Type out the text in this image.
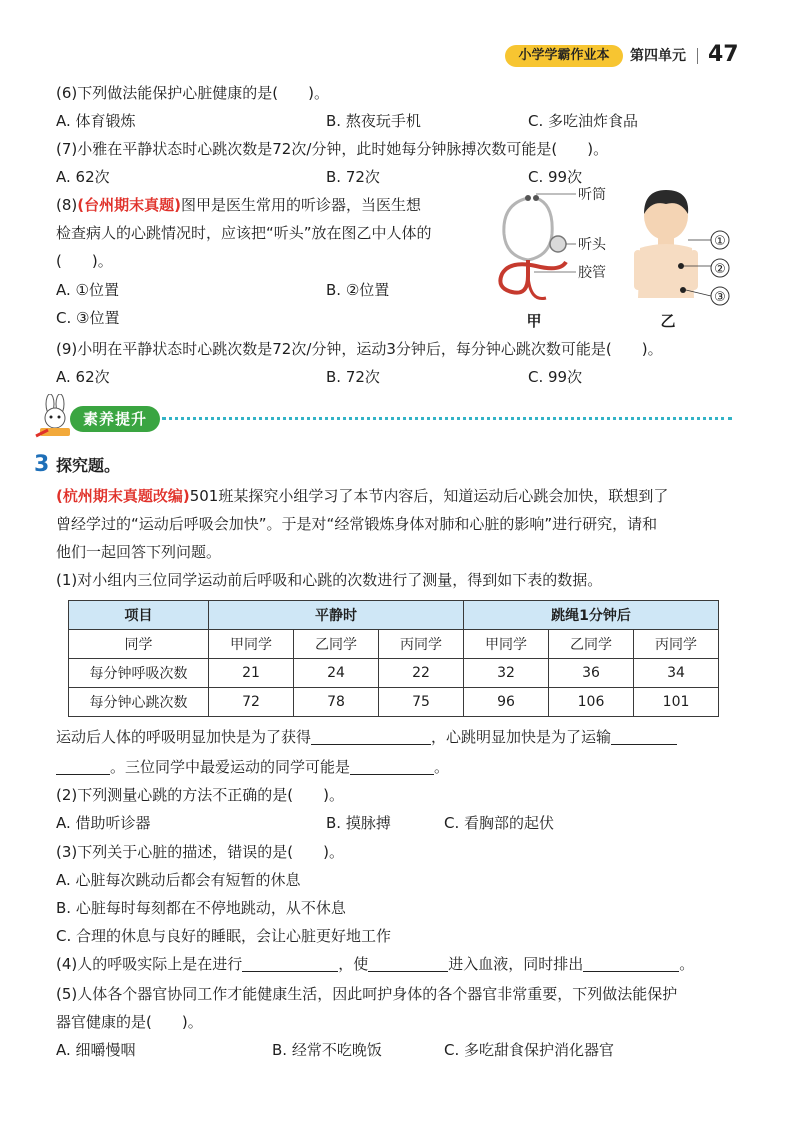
小学学霸作业本	第四单元 47
(6)下列做法能保护心脏健康的是(　　)。
A. 体育锻炼	B. 熬夜玩手机	C. 多吃油炸食品
(7)小雅在平静状态时心跳次数是72次/分钟，此时她每分钟脉搏次数可能是(　　)。
A. 62次	B. 72次	C. 99次
(8)(台州期末真题)图甲是医生常用的听诊器，当医生想
检查病人的心跳情况时，应该把“听头”放在图乙中人体的
(　　)。
A. ①位置	B. ②位置
C. ③位置
听筒
听头
胶管
①
②
③
甲	乙
(9)小明在平静状态时心跳次数是72次/分钟，运动3分钟后，每分钟心跳次数可能是(　　)。
A. 62次	B. 72次	C. 99次
素养提升
3 探究题。
(杭州期末真题改编)501班某探究小组学习了本节内容后，知道运动后心跳会加快，联想到了
曾经学过的“运动后呼吸会加快”。于是对“经常锻炼身体对肺和心脏的影响”进行研究，请和
他们一起回答下列问题。
(1)对小组内三位同学运动前后呼吸和心跳的次数进行了测量，得到如下表的数据。
项目	平静时			跳绳1分钟后		
同学	甲同学	乙同学	丙同学	甲同学	乙同学	丙同学
每分钟呼吸次数	21	24	22	32	36	34
每分钟心跳次数	72	78	75	96	106	101
运动后人体的呼吸明显加快是为了获得	，心跳明显加快是为了运输
。三位同学中最爱运动的同学可能是	。
(2)下列测量心跳的方法不正确的是(　　)。
A. 借助听诊器	B. 摸脉搏	C. 看胸部的起伏
(3)下列关于心脏的描述，错误的是(　　)。
A. 心脏每次跳动后都会有短暂的休息
B. 心脏每时每刻都在不停地跳动，从不休息
C. 合理的休息与良好的睡眠，会让心脏更好地工作
(4)人的呼吸实际上是在进行	，使	进入血液，同时排出	。
(5)人体各个器官协同工作才能健康生活，因此呵护身体的各个器官非常重要，下列做法能保护
器官健康的是(　　)。
A. 细嚼慢咽	B. 经常不吃晚饭	C. 多吃甜食保护消化器官
